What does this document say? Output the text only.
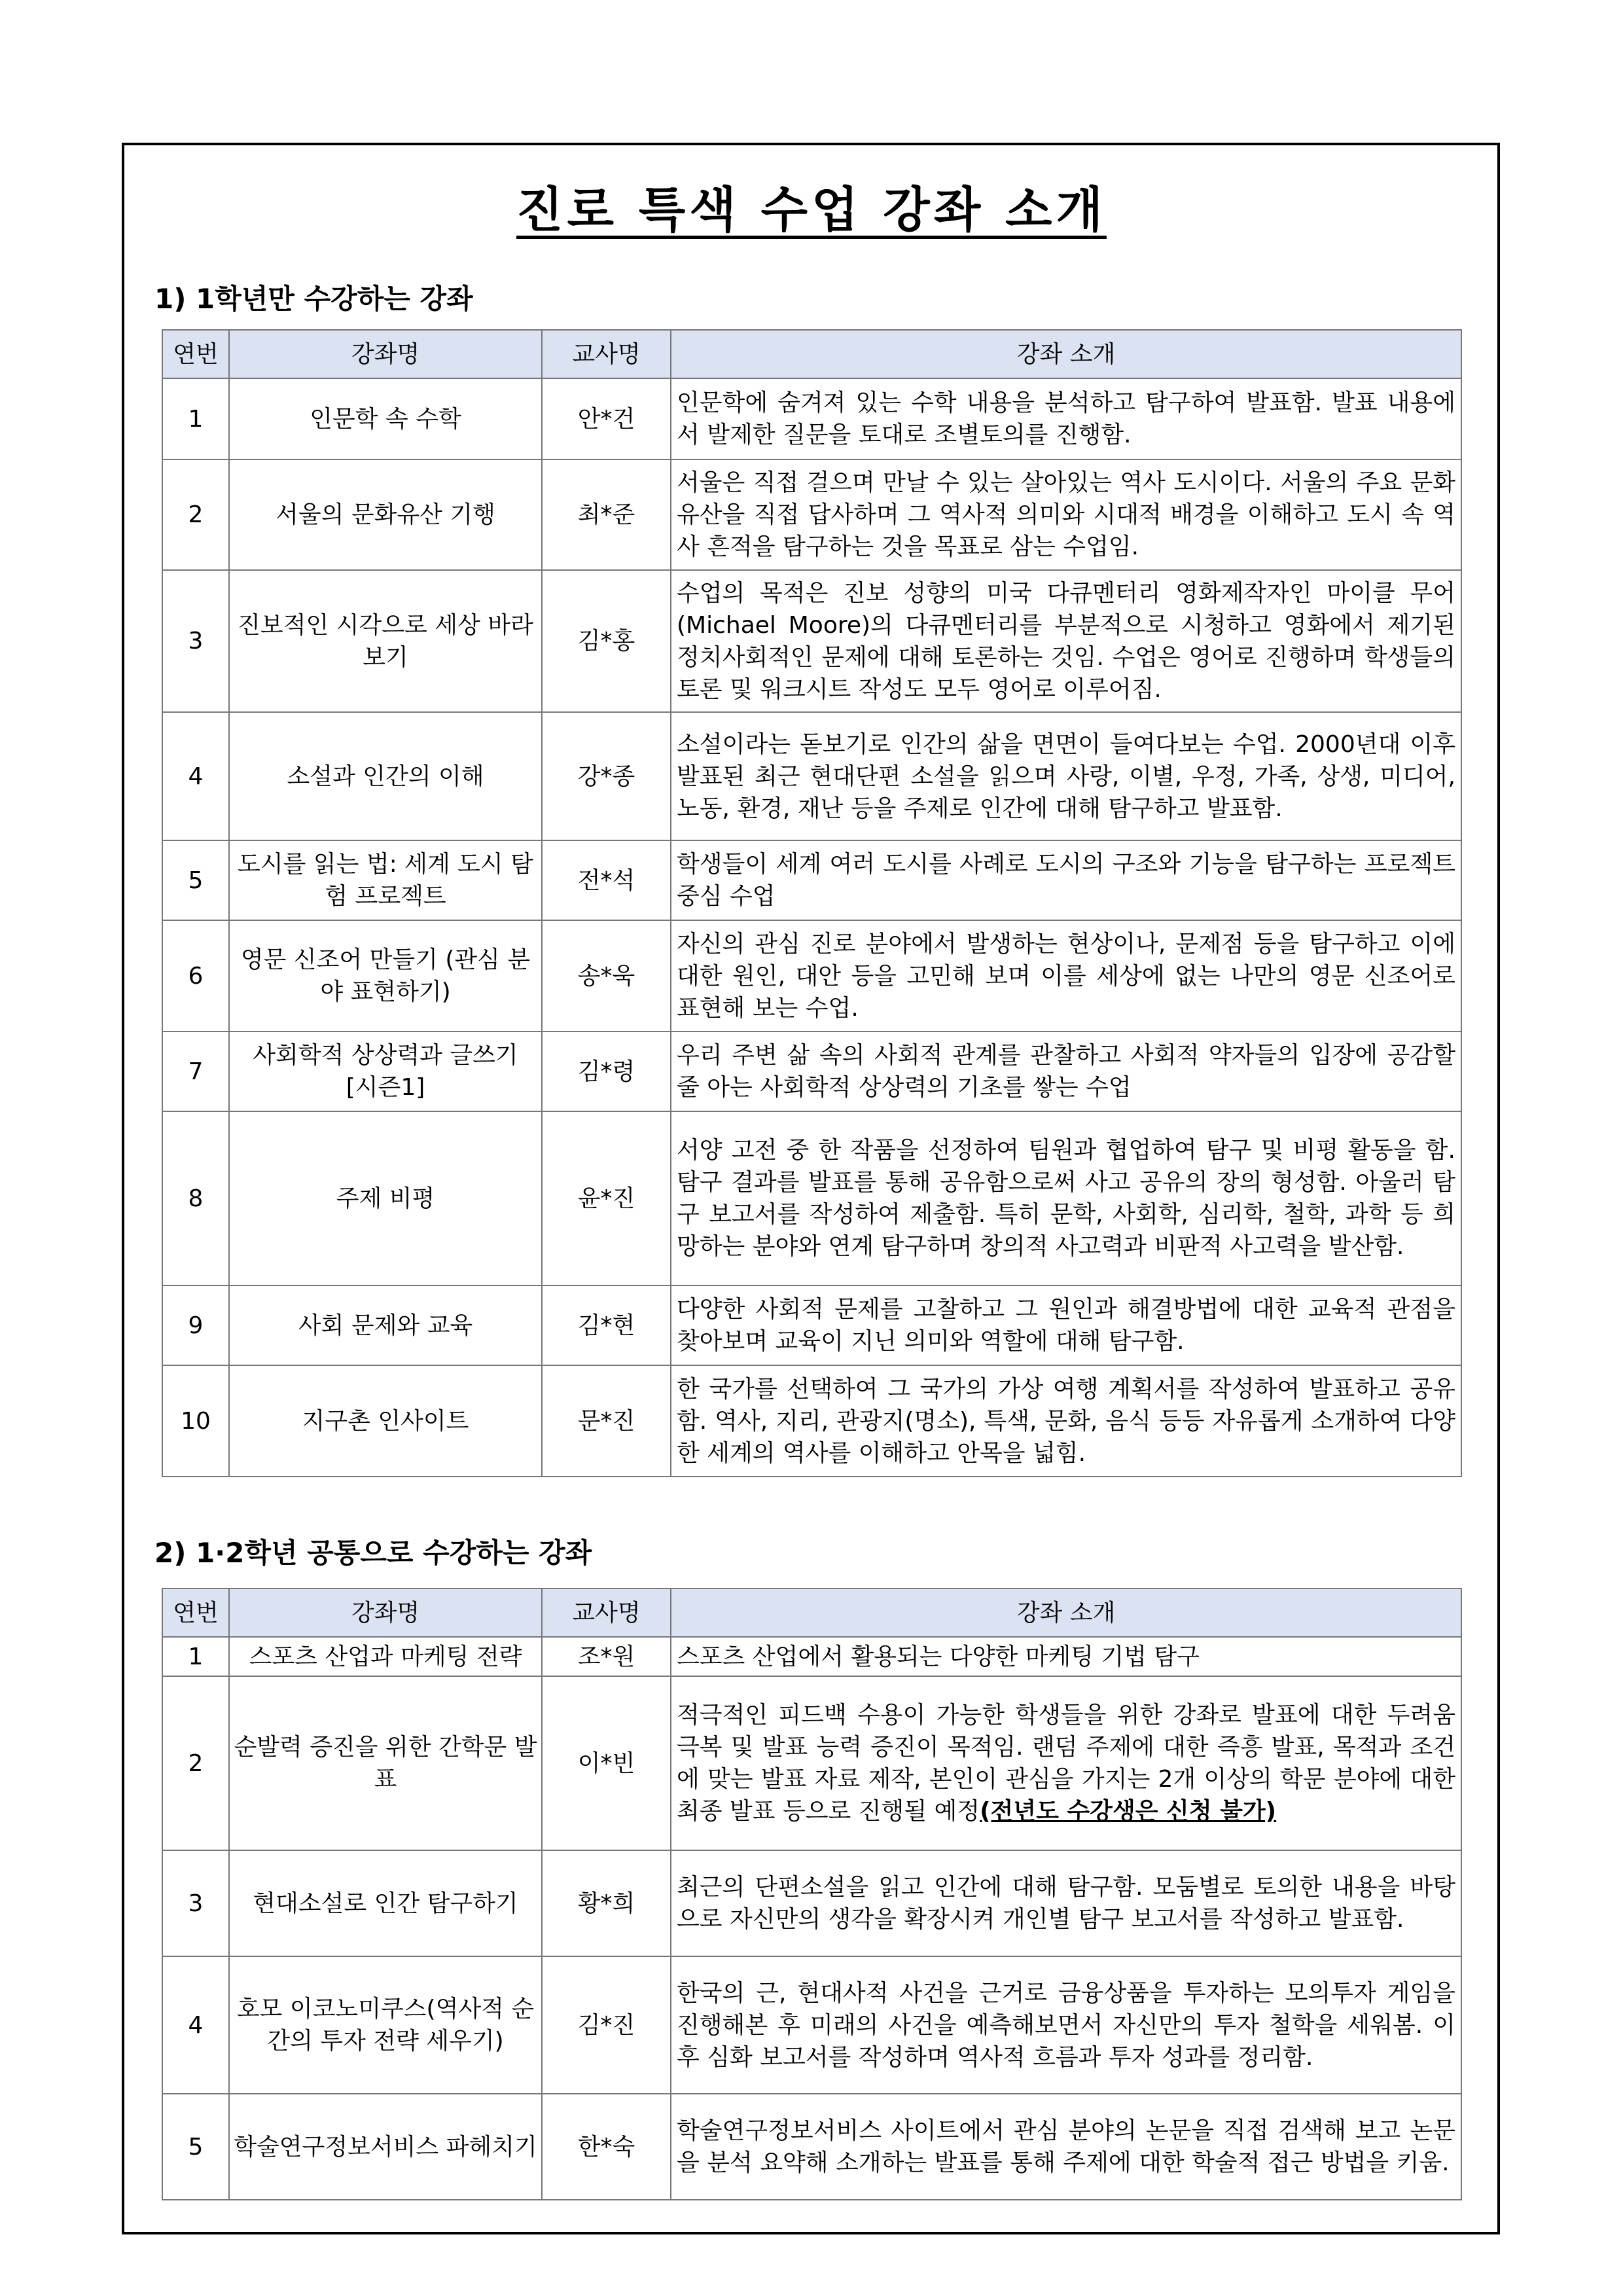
진로 특색 수업 강좌 소개
1) 1학년만 수강하는 강좌
연번	강좌명	교사명	강좌 소개
1	인문학 속 수학	안*건	인문학에 숨겨져 있는 수학 내용을 분석하고 탐구하여 발표함. 발표 내용에서 발제한 질문을 토대로 조별토의를 진행함.
2	서울의 문화유산 기행	최*준	서울은 직접 걸으며 만날 수 있는 살아있는 역사 도시이다. 서울의 주요 문화유산을 직접 답사하며 그 역사적 의미와 시대적 배경을 이해하고 도시 속 역사 흔적을 탐구하는 것을 목표로 삼는 수업임.
3	진보적인 시각으로 세상 바라보기	김*홍	수업의 목적은 진보 성향의 미국 다큐멘터리 영화제작자인 마이클 무어(Michael Moore)의 다큐멘터리를 부분적으로 시청하고 영화에서 제기된 정치사회적인 문제에 대해 토론하는 것임. 수업은 영어로 진행하며 학생들의 토론 및 워크시트 작성도 모두 영어로 이루어짐.
4	소설과 인간의 이해	강*종	소설이라는 돋보기로 인간의 삶을 면면이 들여다보는 수업. 2000년대 이후 발표된 최근 현대단편 소설을 읽으며 사랑, 이별, 우정, 가족, 상생, 미디어, 노동, 환경, 재난 등을 주제로 인간에 대해 탐구하고 발표함.
5	도시를 읽는 법: 세계 도시 탐험 프로젝트	전*석	학생들이 세계 여러 도시를 사례로 도시의 구조와 기능을 탐구하는 프로젝트 중심 수업
6	영문 신조어 만들기 (관심 분야 표현하기)	송*욱	자신의 관심 진로 분야에서 발생하는 현상이나, 문제점 등을 탐구하고 이에 대한 원인, 대안 등을 고민해 보며 이를 세상에 없는 나만의 영문 신조어로 표현해 보는 수업.
7	사회학적 상상력과 글쓰기 [시즌1]	김*령	우리 주변 삶 속의 사회적 관계를 관찰하고 사회적 약자들의 입장에 공감할 줄 아는 사회학적 상상력의 기초를 쌓는 수업
8	주제 비평	윤*진	서양 고전 중 한 작품을 선정하여 팀원과 협업하여 탐구 및 비평 활동을 함. 탐구 결과를 발표를 통해 공유함으로써 사고 공유의 장의 형성함. 아울러 탐구 보고서를 작성하여 제출함. 특히 문학, 사회학, 심리학, 철학, 과학 등 희망하는 분야와 연계 탐구하며 창의적 사고력과 비판적 사고력을 발산함.
9	사회 문제와 교육	김*현	다양한 사회적 문제를 고찰하고 그 원인과 해결방법에 대한 교육적 관점을 찾아보며 교육이 지닌 의미와 역할에 대해 탐구함.
10	지구촌 인사이트	문*진	한 국가를 선택하여 그 국가의 가상 여행 계획서를 작성하여 발표하고 공유함. 역사, 지리, 관광지(명소), 특색, 문화, 음식 등등 자유롭게 소개하여 다양한 세계의 역사를 이해하고 안목을 넓힘.
2) 1·2학년 공통으로 수강하는 강좌
연번	강좌명	교사명	강좌 소개
1	스포츠 산업과 마케팅 전략	조*원	스포츠 산업에서 활용되는 다양한 마케팅 기법 탐구
2	순발력 증진을 위한 간학문 발표	이*빈	적극적인 피드백 수용이 가능한 학생들을 위한 강좌로 발표에 대한 두려움 극복 및 발표 능력 증진이 목적임. 랜덤 주제에 대한 즉흥 발표, 목적과 조건에 맞는 발표 자료 제작, 본인이 관심을 가지는 2개 이상의 학문 분야에 대한 최종 발표 등으로 진행될 예정(전년도 수강생은 신청 불가)
3	현대소설로 인간 탐구하기	황*희	최근의 단편소설을 읽고 인간에 대해 탐구함. 모둠별로 토의한 내용을 바탕으로 자신만의 생각을 확장시켜 개인별 탐구 보고서를 작성하고 발표함.
4	호모 이코노미쿠스(역사적 순간의 투자 전략 세우기)	김*진	한국의 근, 현대사적 사건을 근거로 금융상품을 투자하는 모의투자 게임을 진행해본 후 미래의 사건을 예측해보면서 자신만의 투자 철학을 세워봄. 이후 심화 보고서를 작성하며 역사적 흐름과 투자 성과를 정리함.
5	학술연구정보서비스 파헤치기	한*숙	학술연구정보서비스 사이트에서 관심 분야의 논문을 직접 검색해 보고 논문을 분석 요약해 소개하는 발표를 통해 주제에 대한 학술적 접근 방법을 키움.
